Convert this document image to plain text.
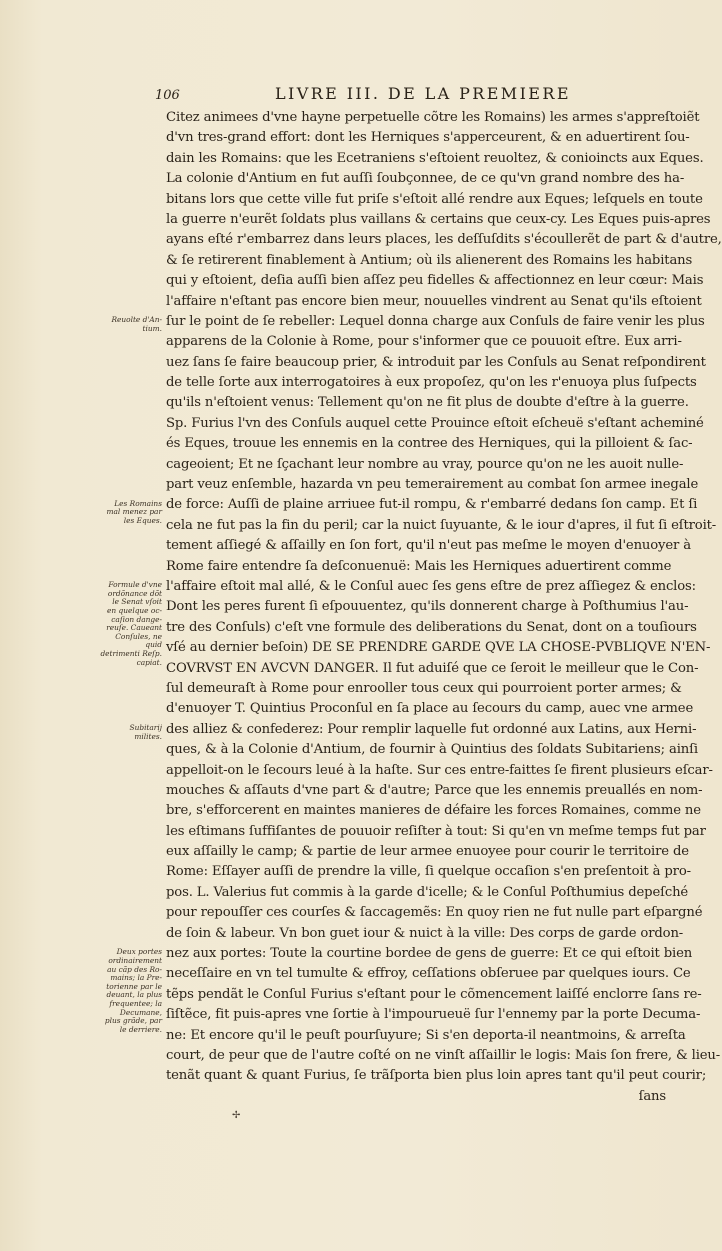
106	LIVRE III. DE LA PREMIERE
Citez animees d'vne hayne perpetuelle cõtre les Romains) les armes s'appreſtoiẽt
d'vn tres-grand effort: dont les Herniques s'apperceurent, & en aduertirent ſou-
dain les Romains: que les Ecetraniens s'eſtoient reuoltez, & conioincts aux Eques.
La colonie d'Antium en fut auſſi ſoubçonnee, de ce qu'vn grand nombre des ha-
bitans lors que cette ville fut priſe s'eſtoit allé rendre aux Eques; leſquels en toute
la guerre n'eurẽt ſoldats plus vaillans & certains que ceux-cy. Les Eques puis-apres
ayans eſté r'embarrez dans leurs places, les deſſuſdits s'écoullerẽt de part & d'autre,
& ſe retirerent finablement à Antium; où ils alienerent des Romains les habitans
qui y eſtoient, deſia auſſi bien aſſez peu fidelles & affectionnez en leur cœur: Mais
l'affaire n'eſtant pas encore bien meur, nouuelles vindrent au Senat qu'ils eſtoient
ſur le point de ſe rebeller: Lequel donna charge aux Conſuls de faire venir les plus
apparens de la Colonie à Rome, pour s'informer que ce pouuoit eſtre. Eux arri-
uez ſans ſe faire beaucoup prier, & introduit par les Conſuls au Senat reſpondirent
de telle ſorte aux interrogatoires à eux propoſez, qu'on les r'enuoya plus ſuſpects
qu'ils n'eſtoient venus: Tellement qu'on ne fit plus de doubte d'eſtre à la guerre.
Sp. Furius l'vn des Conſuls auquel cette Prouince eſtoit eſcheuë s'eſtant acheminé
és Eques, trouue les ennemis en la contree des Herniques, qui la pilloient & ſac-
cageoient; Et ne ſçachant leur nombre au vray, pource qu'on ne les auoit nulle-
part veuz enſemble, hazarda vn peu temerairement au combat ſon armee inegale
de force: Auſſi de plaine arriuee fut-il rompu, & r'embarré dedans ſon camp. Et ſi
cela ne fut pas la fin du peril; car la nuict ſuyuante, & le iour d'apres, il fut ſi eſtroit-
tement aſſiegé & aſſailly en ſon fort, qu'il n'eut pas meſme le moyen d'enuoyer à
Rome faire entendre ſa deſconuenuë: Mais les Herniques aduertirent comme
l'affaire eſtoit mal allé, & le Conſul auec ſes gens eſtre de prez aſſiegez & enclos:
Dont les peres furent ſi eſpouuentez, qu'ils donnerent charge à Poſthumius l'au-
tre des Conſuls) c'eſt vne formule des deliberations du Senat, dont on a touſiours
vſé au dernier beſoin) DE SE PRENDRE GARDE QVE LA CHOSE-PVBLIQVE N'EN-
COVRVST EN AVCVN DANGER. Il fut aduiſé que ce ſeroit le meilleur que le Con-
ſul demeuraſt à Rome pour enrooller tous ceux qui pourroient porter armes; &
d'enuoyer T. Quintius Proconſul en ſa place au ſecours du camp, auec vne armee
des alliez & confederez: Pour remplir laquelle fut ordonné aux Latins, aux Herni-
ques, & à la Colonie d'Antium, de fournir à Quintius des ſoldats Subitariens; ainſi
appelloit-on le ſecours leué à la haſte. Sur ces entre-faittes ſe firent plusieurs eſcar-
mouches & aſſauts d'vne part & d'autre; Parce que les ennemis preuallés en nom-
bre, s'efforcerent en maintes manieres de défaire les forces Romaines, comme ne
les eſtimans ſuffiſantes de pouuoir reſiſter à tout: Si qu'en vn meſme temps fut par
eux aſſailly le camp; & partie de leur armee enuoyee pour courir le territoire de
Rome: Eſſayer auſſi de prendre la ville, ſi quelque occaſion s'en preſentoit à pro-
pos. L. Valerius fut commis à la garde d'icelle; & le Conſul Poſthumius depeſché
pour repouſſer ces courſes & ſaccagemẽs: En quoy rien ne fut nulle part eſpargné
de ſoin & labeur. Vn bon guet iour & nuict à la ville: Des corps de garde ordon-
nez aux portes: Toute la courtine bordee de gens de guerre: Et ce qui eſtoit bien
neceſſaire en vn tel tumulte & effroy, ceſſations obſeruee par quelques iours. Ce
tẽps pendãt le Conſul Furius s'eſtant pour le cõmencement laiſſé enclorre ſans re-
ſiſtẽce, fit puis-apres vne ſortie à l'impourueuë ſur l'ennemy par la porte Decuma-
ne: Et encore qu'il le peuſt pourſuyure; Si s'en deporta-il neantmoins, & arreſta
court, de peur que de l'autre coſté on ne vinſt aſſaillir le logis: Mais ſon frere, & lieu-
tenãt quant & quant Furius, ſe trãſporta bien plus loin apres tant qu'il peut courir;
ſans
Reuolte d'An-
tium.
Les Romains
mal menez par
les Eques.
Formule d'vne
ordõnance dõt
le Senat vſoit
en quelque oc-
caſion dange-
reuſe. Caueant
Conſules, ne quid
detrimenti Reſp.
capiat.
Subitarij milites.
Deux portes
ordinairement
au cãp des Ro-
mains; la Pre-
torienne par le
deuant, la plus
frequentee; la
Decumane,
plus grãde, par
le derriere.
✢
